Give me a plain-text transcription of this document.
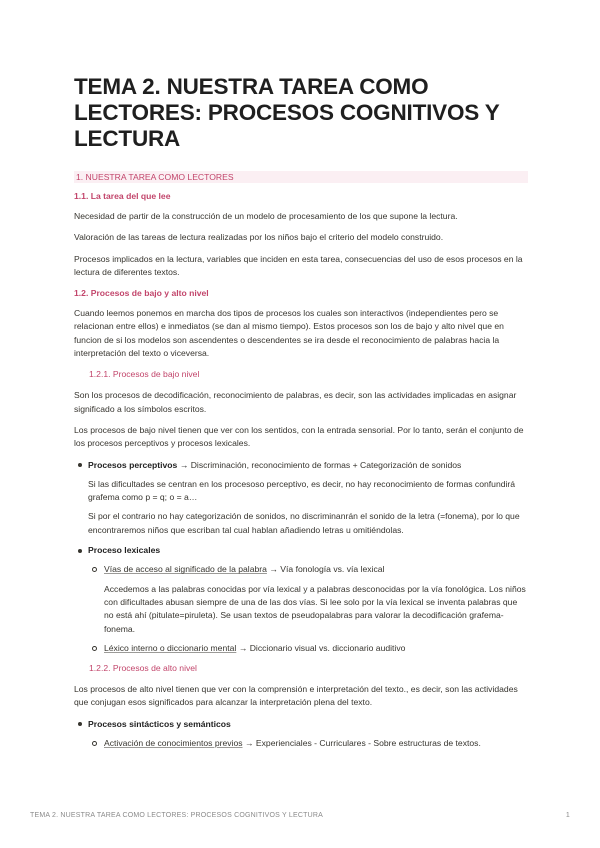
TEMA 2. NUESTRA TAREA COMO LECTORES: PROCESOS COGNITIVOS Y LECTURA
1. NUESTRA TAREA COMO LECTORES
1.1. La tarea del que lee

Necesidad de partir de la construcción de un modelo de procesamiento de los que supone la lectura.

Valoración de las tareas de lectura realizadas por los niños bajo el criterio del modelo construido.

Procesos implicados en la lectura, variables que inciden en esta tarea, consecuencias del uso de esos procesos en la lectura de diferentes textos.

1.2. Procesos de bajo y alto nivel

Cuando leemos ponemos en marcha dos tipos de procesos los cuales son interactivos (independientes pero se relacionan entre ellos) e inmediatos (se dan al mismo tiempo). Estos procesos son los de bajo y alto nivel que en funcion de si los modelos son ascendentes o descendentes se ira desde el reconocimiento de palabras hacia la interpretación del texto o viceversa.

1.2.1. Procesos de bajo nivel

Son los procesos de decodificación, reconocimiento de palabras, es decir, son las actividades implicadas en asignar significado a los símbolos escritos.

Los procesos de bajo nivel tienen que ver con los sentidos, con la entrada sensorial. Por lo tanto, serán el conjunto de los procesos perceptivos y procesos lexicales.

Procesos perceptivos → Discriminación, reconocimiento de formas + Categorización de sonidos

Si las dificultades se centran en los procesoso perceptivo, es decir, no hay reconocimiento de formas confundirá grafema como p = q; o = a…

Si por el contrario no hay categorización de sonidos, no discriminanrán el sonido de la letra (=fonema), por lo que encontraremos niños que escriban tal cual hablan añadiendo letras u omitiéndolas.

Proceso lexicales
Vías de acceso al significado de la palabra → Vía fonología vs. vía lexical

Accedemos a las palabras conocidas por vía lexical y a palabras desconocidas por la vía fonológica. Los niños con dificultades abusan siempre de una de las dos vías. Si lee solo por la vía lexical se inventa palabras que no está ahí (pitulate=piruleta). Se usan textos de pseudopalabras para valorar la decodificación grafema-fonema.

Léxico interno o diccionario mental → Diccionario visual vs. diccionario auditivo
1.2.2. Procesos de alto nivel

Los procesos de alto nivel tienen que ver con la comprensión e interpretación del texto., es decir, son las actividades que conjugan esos significados para alcanzar la interpretación plena del texto.

Procesos sintácticos y semánticos
Activación de conocimientos previos → Experienciales - Curriculares - Sobre estructuras de textos.
TEMA 2. NUESTRA TAREA COMO LECTORES: PROCESOS COGNITIVOS Y LECTURA	1
